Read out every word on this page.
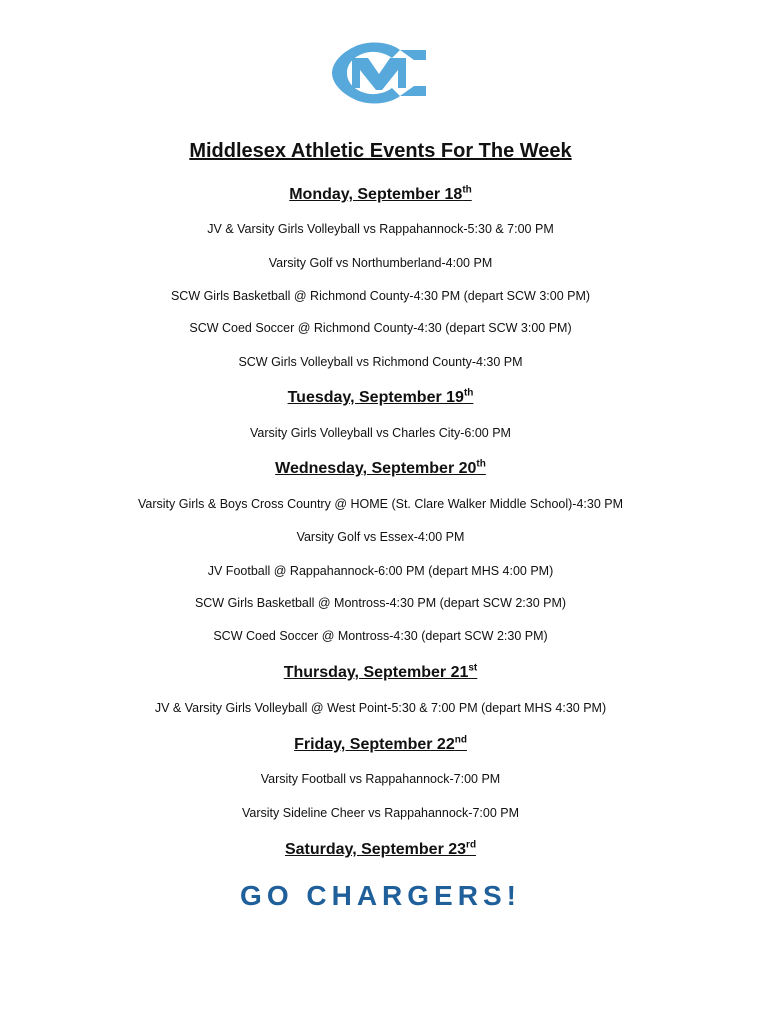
Middlesex Athletic Events For The Week

Monday, September 18th

JV & Varsity Girls Volleyball vs Rappahannock-5:30 & 7:00 PM

Varsity Golf vs Northumberland-4:00 PM

SCW Girls Basketball @ Richmond County-4:30 PM (depart SCW 3:00 PM)

SCW Coed Soccer @ Richmond County-4:30 (depart SCW 3:00 PM)

SCW Girls Volleyball vs Richmond County-4:30 PM

Tuesday, September 19th

Varsity Girls Volleyball vs Charles City-6:00 PM

Wednesday, September 20th

Varsity Girls & Boys Cross Country @ HOME (St. Clare Walker Middle School)-4:30 PM

Varsity Golf vs Essex-4:00 PM

JV Football @ Rappahannock-6:00 PM (depart MHS 4:00 PM)

SCW Girls Basketball @ Montross-4:30 PM (depart SCW 2:30 PM)

SCW Coed Soccer @ Montross-4:30 (depart SCW 2:30 PM)

Thursday, September 21st

JV & Varsity Girls Volleyball @ West Point-5:30 & 7:00 PM (depart MHS 4:30 PM)

Friday, September 22nd

Varsity Football vs Rappahannock-7:00 PM

Varsity Sideline Cheer vs Rappahannock-7:00 PM

Saturday, September 23rd

GO CHARGERS!
